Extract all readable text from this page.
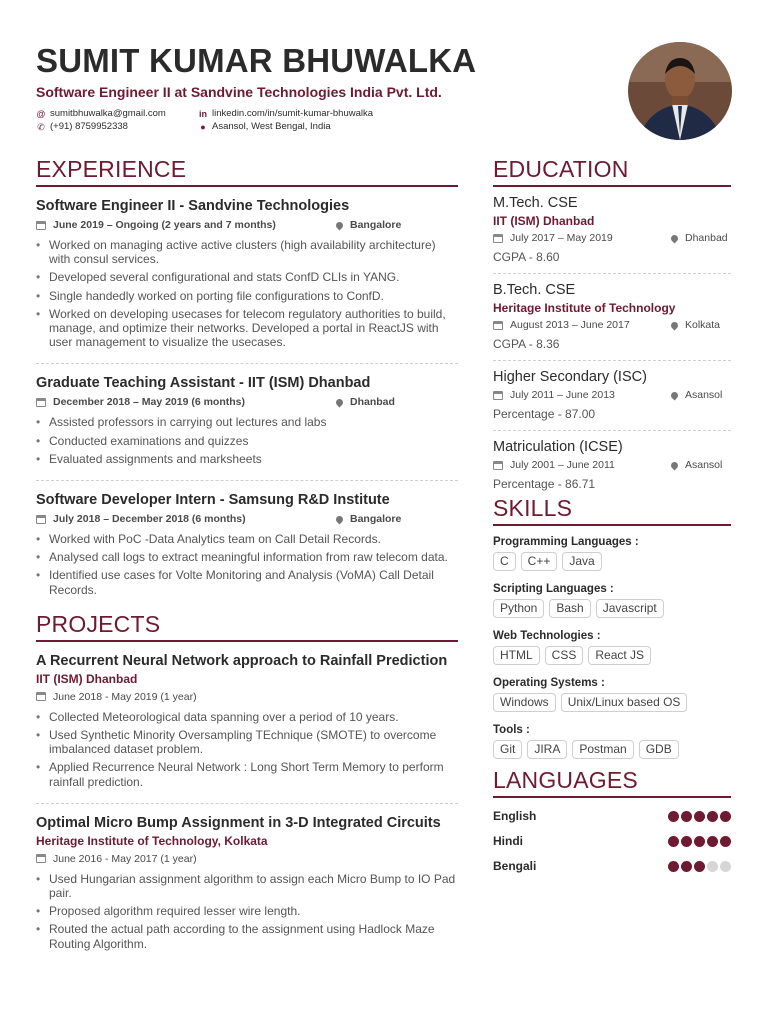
SUMIT KUMAR BHUWALKA
Software Engineer II at Sandvine Technologies India Pvt. Ltd.
@ sumitbhuwalka@gmail.com	in linkedin.com/in/sumit-kumar-bhuwalka
✆ (+91) 8759952338	● Asansol, West Bengal, India
EXPERIENCE
Software Engineer II - Sandvine Technologies
June 2019 – Ongoing (2 years and 7 months)	Bangalore
• Worked on managing active active clusters (high availability architecture) with consul services.
• Developed several configurational and stats ConfD CLIs in YANG.
• Single handedly worked on porting file configurations to ConfD.
• Worked on developing usecases for telecom regulatory authorities to build, manage, and optimize their networks. Developed a portal in ReactJS with user management to visualize the usecases.
Graduate Teaching Assistant - IIT (ISM) Dhanbad
December 2018 – May 2019 (6 months)	Dhanbad
• Assisted professors in carrying out lectures and labs
• Conducted examinations and quizzes
• Evaluated assignments and marksheets
Software Developer Intern - Samsung R&D Institute
July 2018 – December 2018 (6 months)	Bangalore
• Worked with PoC -Data Analytics team on Call Detail Records.
• Analysed call logs to extract meaningful information from raw telecom data.
• Identified use cases for Volte Monitoring and Analysis (VoMA) Call Detail Records.
PROJECTS
A Recurrent Neural Network approach to Rainfall Prediction
IIT (ISM) Dhanbad
June 2018 - May 2019 (1 year)
• Collected Meteorological data spanning over a period of 10 years.
• Used Synthetic Minority Oversampling TEchnique (SMOTE) to overcome imbalanced dataset problem.
• Applied Recurrence Neural Network : Long Short Term Memory to perform rainfall prediction.
Optimal Micro Bump Assignment in 3-D Integrated Circuits
Heritage Institute of Technology, Kolkata
June 2016 - May 2017 (1 year)
• Used Hungarian assignment algorithm to assign each Micro Bump to IO Pad pair.
• Proposed algorithm required lesser wire length.
• Routed the actual path according to the assignment using Hadlock Maze Routing Algorithm.
EDUCATION
M.Tech. CSE
IIT (ISM) Dhanbad
July 2017 – May 2019	Dhanbad
CGPA - 8.60
B.Tech. CSE
Heritage Institute of Technology
August 2013 – June 2017	Kolkata
CGPA - 8.36
Higher Secondary (ISC)
July 2011 – June 2013	Asansol
Percentage - 87.00
Matriculation (ICSE)
July 2001 – June 2011	Asansol
Percentage - 86.71
SKILLS
Programming Languages :
C	C++	Java
Scripting Languages :
Python	Bash	Javascript
Web Technologies :
HTML	CSS	React JS
Operating Systems :
Windows	Unix/Linux based OS
Tools :
Git	JIRA	Postman	GDB
LANGUAGES
English
Hindi
Bengali
